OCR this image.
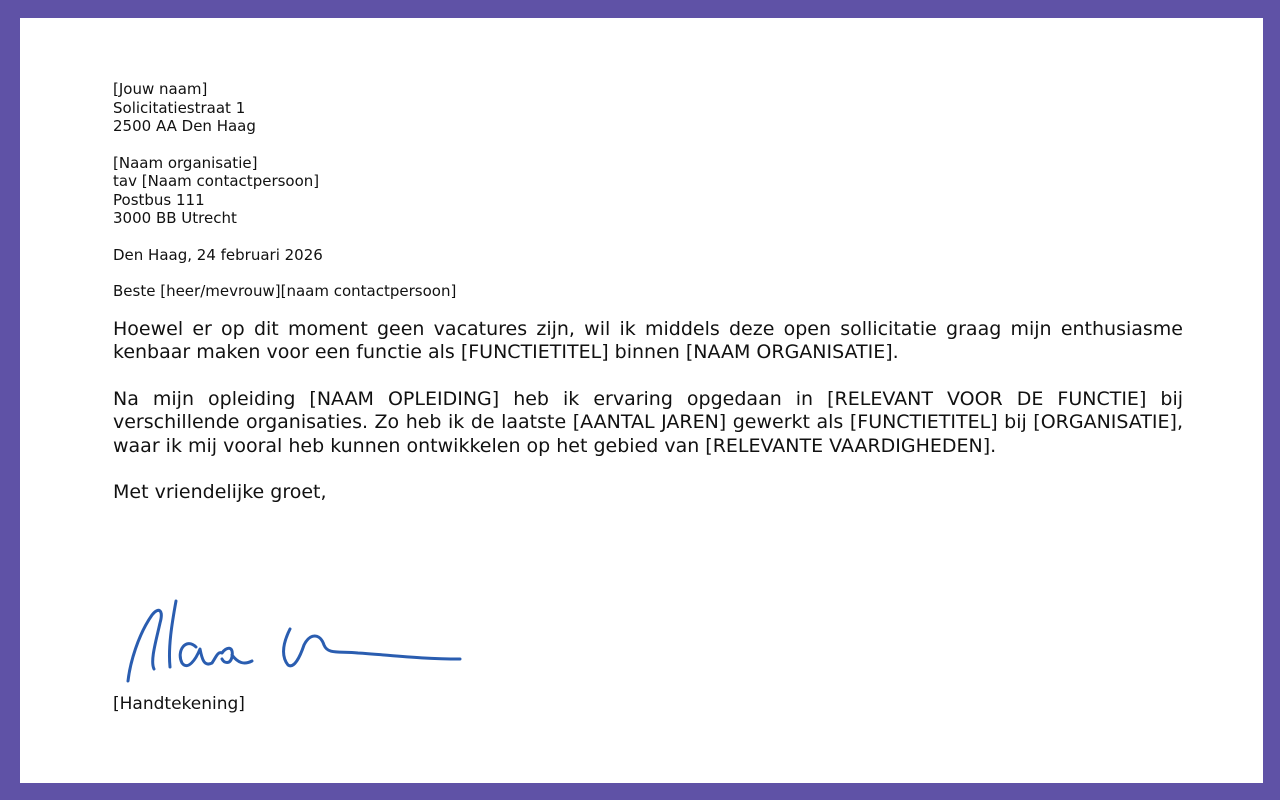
[Jouw naam]

Solicitatiestraat 1

2500 AA Den Haag

[Naam organisatie]

tav [Naam contactpersoon]

Postbus 111

3000 BB Utrecht

Den Haag, 24 februari 2026

Beste [heer/mevrouw][naam contactpersoon]

Hoewel er op dit moment geen vacatures zijn, wil ik middels deze open sollicitatie graag mijn enthusiasme kenbaar maken voor een functie als [FUNCTIETITEL] binnen [NAAM ORGANISATIE].

Na mijn opleiding [NAAM OPLEIDING] heb ik ervaring opgedaan in [RELEVANT VOOR DE FUNCTIE] bij verschillende organisaties. Zo heb ik de laatste [AANTAL JAREN] gewerkt als [FUNCTIETITEL] bij [ORGANISATIE], waar ik mij vooral heb kunnen ontwikkelen op het gebied van [RELEVANTE VAARDIGHEDEN].

Met vriendelijke groet,

[Handtekening]
